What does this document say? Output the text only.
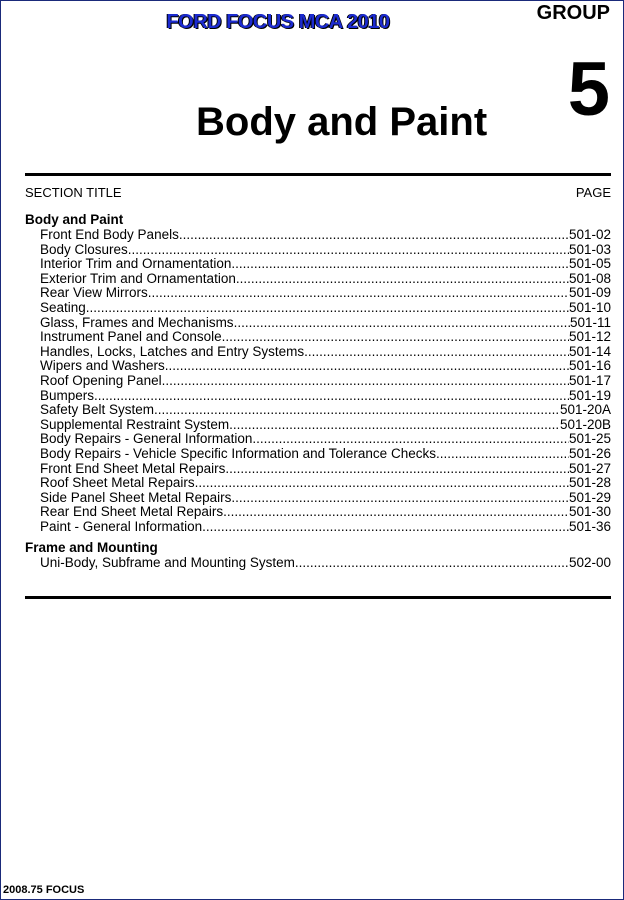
FORD FOCUS MCA 2010	GROUP
5
Body and Paint
SECTION TITLE	PAGE
Body and Paint
Front End Body Panels .....	501-02
Body Closures .....	501-03
Interior Trim and Ornamentation .....	501-05
Exterior Trim and Ornamentation .....	501-08
Rear View Mirrors .....	501-09
Seating .....	501-10
Glass, Frames and Mechanisms .....	501-11
Instrument Panel and Console .....	501-12
Handles, Locks, Latches and Entry Systems .....	501-14
Wipers and Washers .....	501-16
Roof Opening Panel .....	501-17
Bumpers .....	501-19
Safety Belt System .....	501-20A
Supplemental Restraint System .....	501-20B
Body Repairs - General Information .....	501-25
Body Repairs - Vehicle Specific Information and Tolerance Checks .....	501-26
Front End Sheet Metal Repairs .....	501-27
Roof Sheet Metal Repairs .....	501-28
Side Panel Sheet Metal Repairs .....	501-29
Rear End Sheet Metal Repairs .....	501-30
Paint - General Information .....	501-36
Frame and Mounting
Uni-Body, Subframe and Mounting System .....	502-00
2008.75 FOCUS
